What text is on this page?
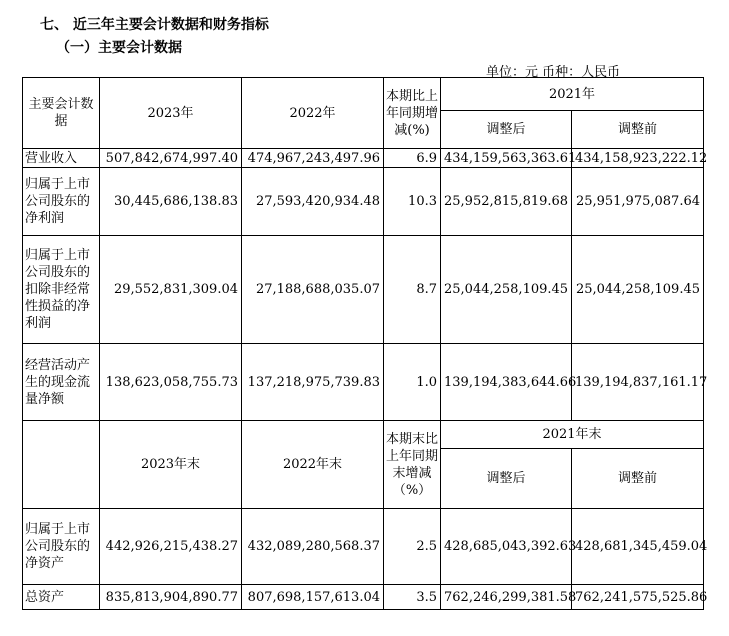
七、 近三年主要会计数据和财务指标
（一）主要会计数据
单位：元 币种：人民币
主要会计数据	2023年	2022年	本期比上年同期增减(%)	2021年	
				调整后	调整前
营业收入	507,842,674,997.40	474,967,243,497.96	6.9	434,159,563,363.61	434,158,923,222.12
归属于上市公司股东的净利润	30,445,686,138.83	27,593,420,934.48	10.3	25,952,815,819.68	25,951,975,087.64
归属于上市公司股东的扣除非经常性损益的净利润	29,552,831,309.04	27,188,688,035.07	8.7	25,044,258,109.45	25,044,258,109.45
经营活动产生的现金流量净额	138,623,058,755.73	137,218,975,739.83	1.0	139,194,383,644.66	139,194,837,161.17
	2023年末	2022年末	本期末比上年同期末增减（%）	2021年末	
				调整后	调整前
归属于上市公司股东的净资产	442,926,215,438.27	432,089,280,568.37	2.5	428,685,043,392.63	428,681,345,459.04
总资产	835,813,904,890.77	807,698,157,613.04	3.5	762,246,299,381.58	762,241,575,525.86
